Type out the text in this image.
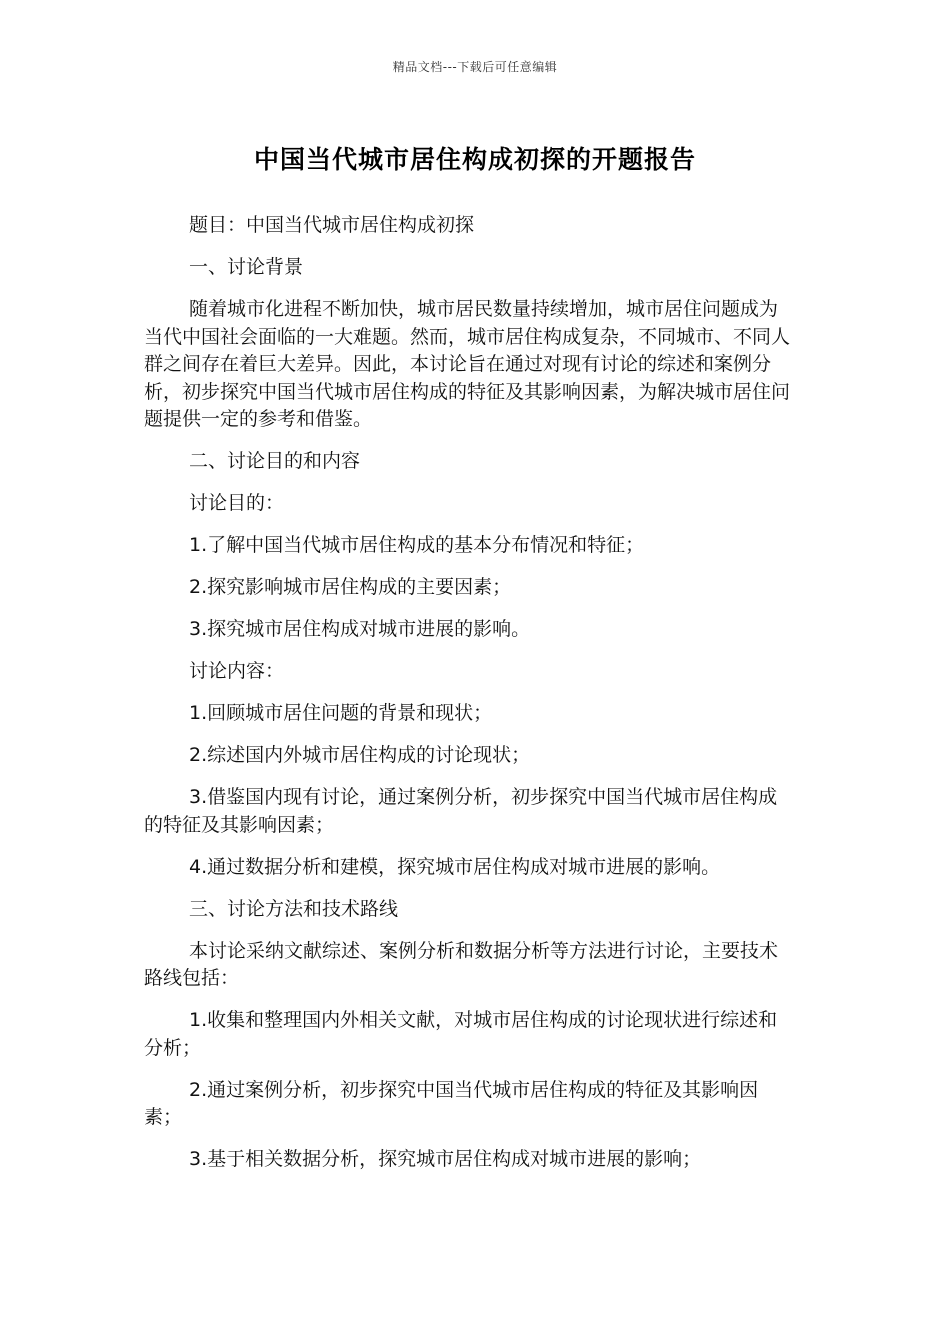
精品文档---下载后可任意编辑
中国当代城市居住构成初探的开题报告

题目：中国当代城市居住构成初探

一、讨论背景

随着城市化进程不断加快，城市居民数量持续增加，城市居住问题成为当代中国社会面临的一大难题。然而，城市居住构成复杂，不同城市、不同人群之间存在着巨大差异。因此，本讨论旨在通过对现有讨论的综述和案例分析，初步探究中国当代城市居住构成的特征及其影响因素，为解决城市居住问题提供一定的参考和借鉴。

二、讨论目的和内容

讨论目的：

1.了解中国当代城市居住构成的基本分布情况和特征；

2.探究影响城市居住构成的主要因素；

3.探究城市居住构成对城市进展的影响。

讨论内容：

1.回顾城市居住问题的背景和现状；

2.综述国内外城市居住构成的讨论现状；

3.借鉴国内现有讨论，通过案例分析，初步探究中国当代城市居住构成的特征及其影响因素；

4.通过数据分析和建模，探究城市居住构成对城市进展的影响。

三、讨论方法和技术路线

本讨论采纳文献综述、案例分析和数据分析等方法进行讨论，主要技术路线包括：

1.收集和整理国内外相关文献，对城市居住构成的讨论现状进行综述和分析；

2.通过案例分析，初步探究中国当代城市居住构成的特征及其影响因素；

3.基于相关数据分析，探究城市居住构成对城市进展的影响；
